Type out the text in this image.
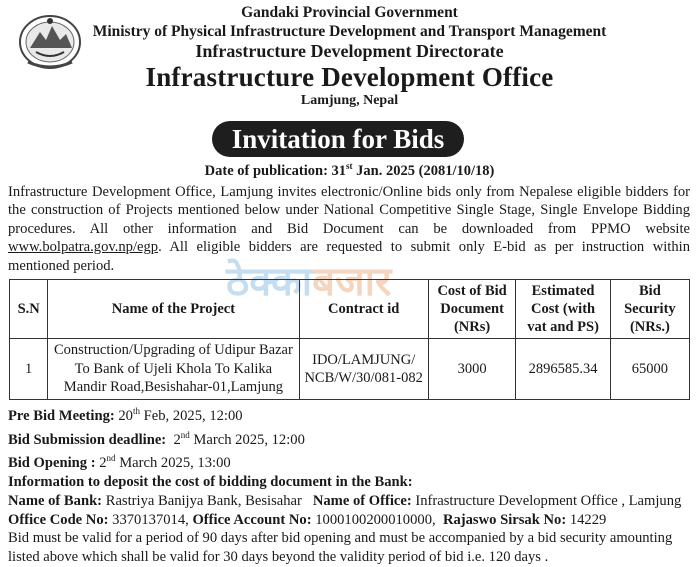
Gandaki Provincial Government
Ministry of Physical Infrastructure Development and Transport Management
Infrastructure Development Directorate
Infrastructure Development Office
Lamjung, Nepal
Invitation for Bids
Date of publication: 31st Jan. 2025 (2081/10/18)
Infrastructure Development Office, Lamjung invites electronic/Online bids only from Nepalese eligible bidders for the construction of Projects mentioned below under National Competitive Single Stage, Single Envelope Bidding procedures. All other information and Bid Document can be downloaded from PPMO website www.bolpatra.gov.np/egp. All eligible bidders are requested to submit only E-bid as per instruction within mentioned period.	ठेक्काबजार
S.N	Name of the Project	Contract id	Cost of Bid Document (NRs)	Estimated Cost (with vat and PS)	Bid Security (NRs.)
1	Construction/Upgrading of Udipur Bazar To Bank of Ujeli Khola To Kalika Mandir Road,Besishahar-01,Lamjung	IDO/LAMJUNG/ NCB/W/30/081-082	3000	2896585.34	65000
Pre Bid Meeting: 20th Feb, 2025, 12:00
Bid Submission deadline:  2nd March 2025, 12:00
Bid Opening : 2nd March 2025, 13:00
Information to deposit the cost of bidding document in the Bank:
Name of Bank: Rastriya Banijya Bank, Besisahar Name of Office: Infrastructure Development Office , Lamjung
Office Code No: 3370137014, Office Account No: 1000100200010000, Rajaswo Sirsak No: 14229
Bid must be valid for a period of 90 days after bid opening and must be accompanied by a bid security amounting listed above which shall be valid for 30 days beyond the validity period of bid i.e. 120 days .
